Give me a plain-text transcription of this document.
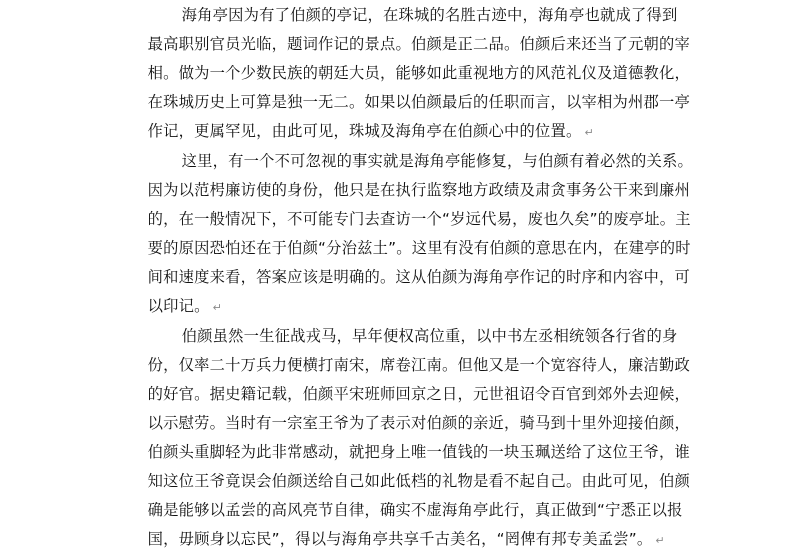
海角亭因为有了伯颜的亭记，在珠城的名胜古迹中，海角亭也就成了得到
最高职别官员光临，题词作记的景点。伯颜是正二品。伯颜后来还当了元朝的宰
相。做为一个少数民族的朝廷大员，能够如此重视地方的风范礼仪及道德教化，
在珠城历史上可算是独一无二。如果以伯颜最后的任职而言，以宰相为州郡一亭
作记，更属罕见，由此可见，珠城及海角亭在伯颜心中的位置。 ↵
这里，有一个不可忽视的事实就是海角亭能修复，与伯颜有着必然的关系。
因为以范枵廉访使的身份，他只是在执行监察地方政绩及肃贪事务公干来到廉州
的，在一般情况下，不可能专门去查访一个“岁远代易，废也久矣”的废亭址。主
要的原因恐怕还在于伯颜“分治兹土”。这里有没有伯颜的意思在内，在建亭的时
间和速度来看，答案应该是明确的。这从伯颜为海角亭作记的时序和内容中，可
以印记。 ↵
伯颜虽然一生征战戎马，早年便权高位重，以中书左丞相统领各行省的身
份，仅率二十万兵力便横打南宋，席卷江南。但他又是一个宽容待人，廉洁勤政
的好官。据史籍记载，伯颜平宋班师回京之日，元世祖诏令百官到郊外去迎候，
以示慰劳。当时有一宗室王爷为了表示对伯颜的亲近，骑马到十里外迎接伯颜，
伯颜头重脚轻为此非常感动，就把身上唯一值钱的一块玉珮送给了这位王爷，谁
知这位王爷竟误会伯颜送给自己如此低档的礼物是看不起自己。由此可见，伯颜
确是能够以孟尝的高风亮节自律，确实不虚海角亭此行，真正做到“宁悉正以报
国，毋顾身以忘民”，得以与海角亭共享千古美名，“罔俾有邦专美孟尝”。 ↵
